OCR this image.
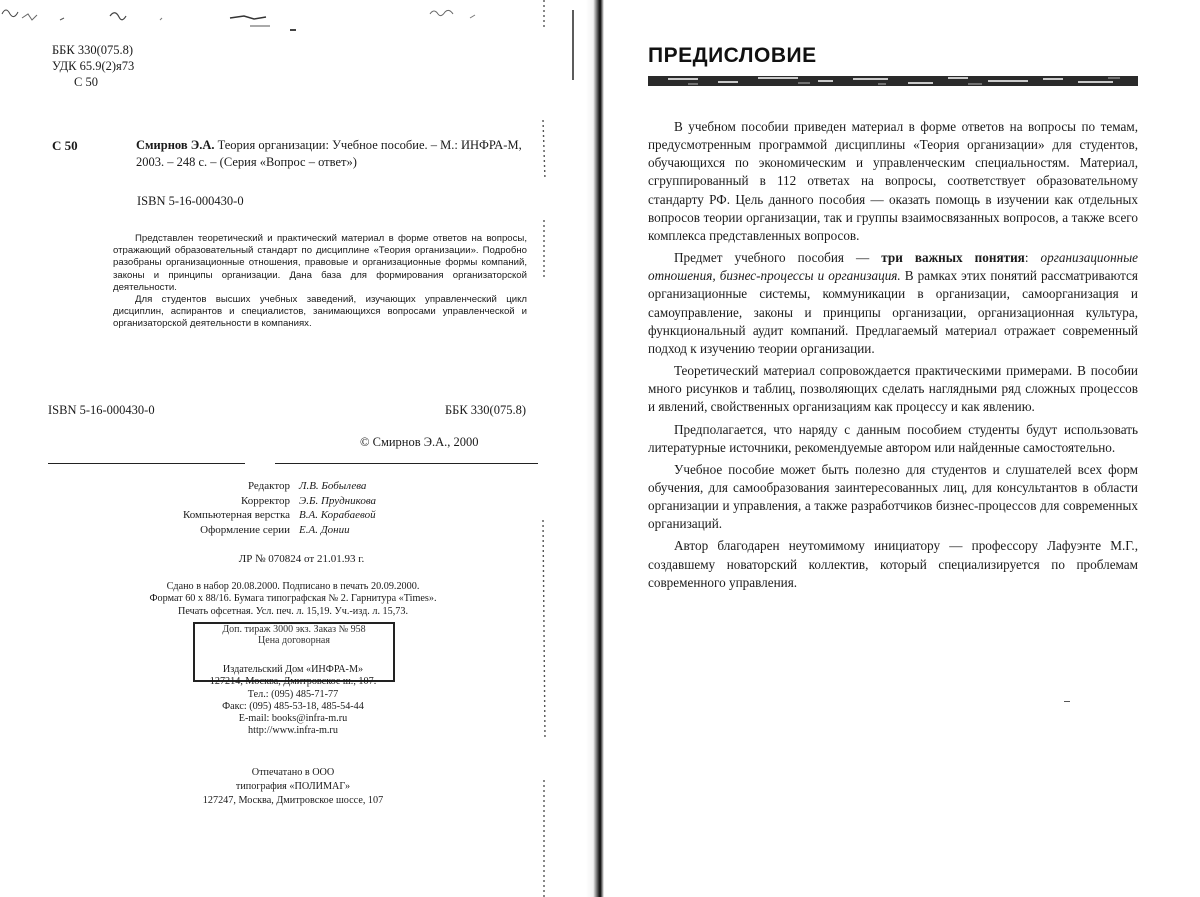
ББК 330(075.8)
УДК 65.9(2)я73
С 50
С 50	Смирнов Э.А. Теория организации: Учебное пособие. – М.: ИНФРА-М, 2003. – 248 с. – (Серия «Вопрос – ответ»)
ISBN 5-16-000430-0

Представлен теоретический и практический материал в форме ответов на вопросы, отражающий образовательный стандарт по дисциплине «Теория организации». Подробно разобраны организационные отношения, правовые и организационные формы компаний, законы и принципы организации. Дана база для формирования организаторской деятельности.

Для студентов высших учебных заведений, изучающих управленческий цикл дисциплин, аспирантов и специалистов, занимающихся вопросами управленческой и организаторской деятельности в компаниях.

ISBN 5-16-000430-0	ББК 330(075.8)
© Смирнов Э.А., 2000
Редактор Л.В. Бобылева
Корректор Э.Б. Прудникова
Компьютерная верстка В.А. Корабаевой
Оформление серии Е.А. Донии
ЛР № 070824 от 21.01.93 г.
Сдано в набор 20.08.2000. Подписано в печать 20.09.2000.
Формат 60 х 88/16. Бумага типографская № 2. Гарнитура «Times».
Печать офсетная. Усл. печ. л. 15,19. Уч.-изд. л. 15,73.
Доп. тираж 3000 экз. Заказ № 958
Цена договорная
Издательский Дом «ИНФРА-М»
127214, Москва, Дмитровское ш., 107.
Тел.: (095) 485-71-77
Факс: (095) 485-53-18, 485-54-44
E-mail: books@infra-m.ru
http://www.infra-m.ru
Отпечатано в ООО
типография «ПОЛИМАГ»
127247, Москва, Дмитровское шоссе, 107
ПРЕДИСЛОВИЕ

В учебном пособии приведен материал в форме ответов на вопросы по темам, предусмотренным программой дисциплины «Теория организации» для студентов, обучающихся по экономическим и управленческим специальностям. Материал, сгруппированный в 112 ответах на вопросы, соответствует образовательному стандарту РФ. Цель данного пособия — оказать помощь в изучении как отдельных вопросов теории организации, так и группы взаимосвязанных вопросов, а также всего комплекса представленных вопросов.

Предмет учебного пособия — три важных понятия: организационные отношения, бизнес-процессы и организация. В рамках этих понятий рассматриваются организационные системы, коммуникации в организации, самоорганизация и самоуправление, законы и принципы организации, организационная культура, функциональный аудит компаний. Предлагаемый материал отражает современный подход к изучению теории организации.

Теоретический материал сопровождается практическими примерами. В пособии много рисунков и таблиц, позволяющих сделать наглядными ряд сложных процессов и явлений, свойственных организациям как процессу и как явлению.

Предполагается, что наряду с данным пособием студенты будут использовать литературные источники, рекомендуемые автором или найденные самостоятельно.

Учебное пособие может быть полезно для студентов и слушателей всех форм обучения, для самообразования заинтересованных лиц, для консультантов в области организации и управления, а также разработчиков бизнес-процессов для современных организаций.

Автор благодарен неутомимому инициатору — профессору Лафуэнте М.Г., создавшему новаторский коллектив, который специализируется по проблемам современного управления.
